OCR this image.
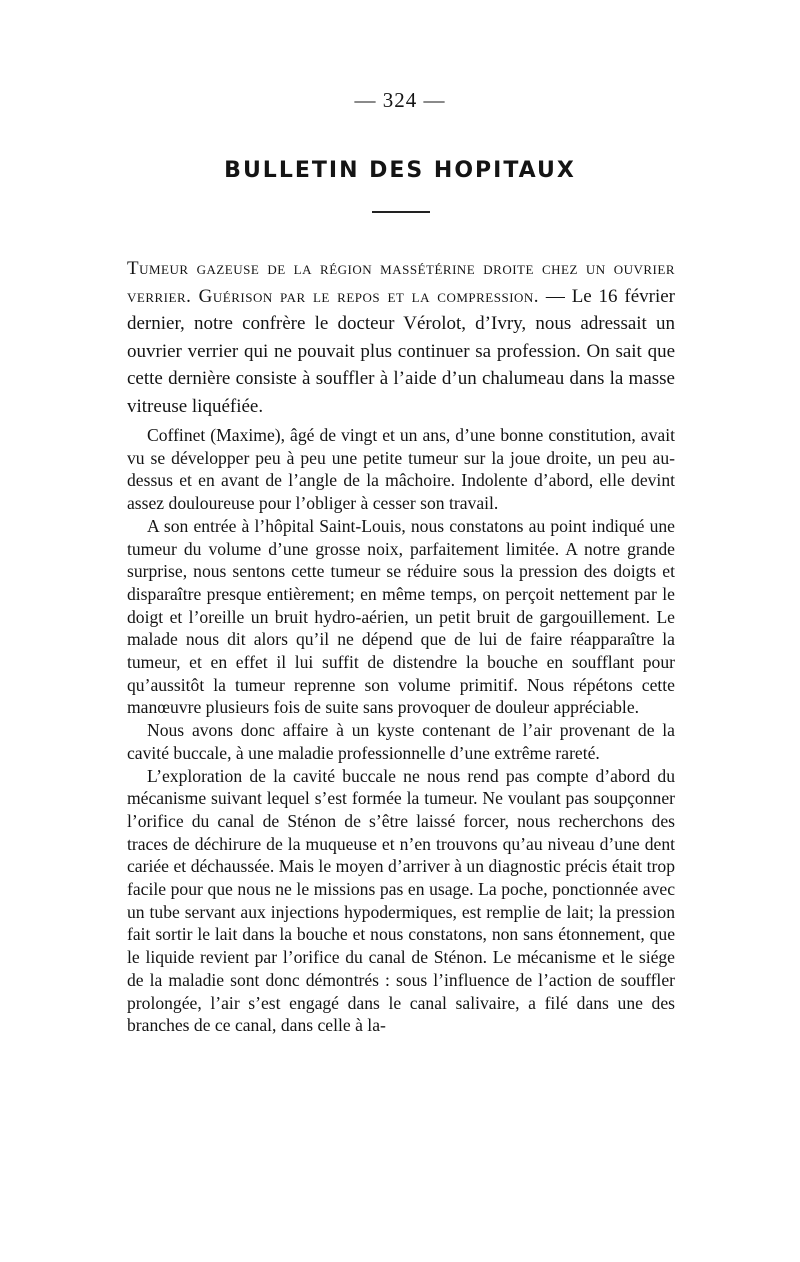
— 324 —
BULLETIN DES HOPITAUX
Tumeur gazeuse de la région massétérine droite chez un ouvrier verrier. Guérison par le repos et la compression. — Le 16 février dernier, notre confrère le docteur Vérolot, d’Ivry, nous adressait un ouvrier verrier qui ne pouvait plus continuer sa profession. On sait que cette dernière consiste à souffler à l’aide d’un chalumeau dans la masse vitreuse liquéfiée.

Coffinet (Maxime), âgé de vingt et un ans, d’une bonne constitution, avait vu se développer peu à peu une petite tumeur sur la joue droite, un peu au-dessus et en avant de l’angle de la mâchoire. Indolente d’abord, elle devint assez douloureuse pour l’obliger à cesser son travail.

A son entrée à l’hôpital Saint-Louis, nous constatons au point indiqué une tumeur du volume d’une grosse noix, parfaitement limitée. A notre grande surprise, nous sentons cette tumeur se réduire sous la pression des doigts et disparaître presque entièrement; en même temps, on perçoit nettement par le doigt et l’oreille un bruit hydro-aérien, un petit bruit de gargouillement. Le malade nous dit alors qu’il ne dépend que de lui de faire réapparaître la tumeur, et en effet il lui suffit de distendre la bouche en soufflant pour qu’aussitôt la tumeur reprenne son volume primitif. Nous répétons cette manœuvre plusieurs fois de suite sans provoquer de douleur appréciable.

Nous avons donc affaire à un kyste contenant de l’air provenant de la cavité buccale, à une maladie professionnelle d’une extrême rareté.

L’exploration de la cavité buccale ne nous rend pas compte d’abord du mécanisme suivant lequel s’est formée la tumeur. Ne voulant pas soupçonner l’orifice du canal de Sténon de s’être laissé forcer, nous recherchons des traces de déchirure de la muqueuse et n’en trouvons qu’au niveau d’une dent cariée et déchaussée. Mais le moyen d’arriver à un diagnostic précis était trop facile pour que nous ne le missions pas en usage. La poche, ponctionnée avec un tube servant aux injections hypodermiques, est remplie de lait; la pression fait sortir le lait dans la bouche et nous constatons, non sans étonnement, que le liquide revient par l’orifice du canal de Sténon. Le mécanisme et le siége de la maladie sont donc démontrés : sous l’influence de l’action de souffler prolongée, l’air s’est engagé dans le canal salivaire, a filé dans une des branches de ce canal, dans celle à la-
